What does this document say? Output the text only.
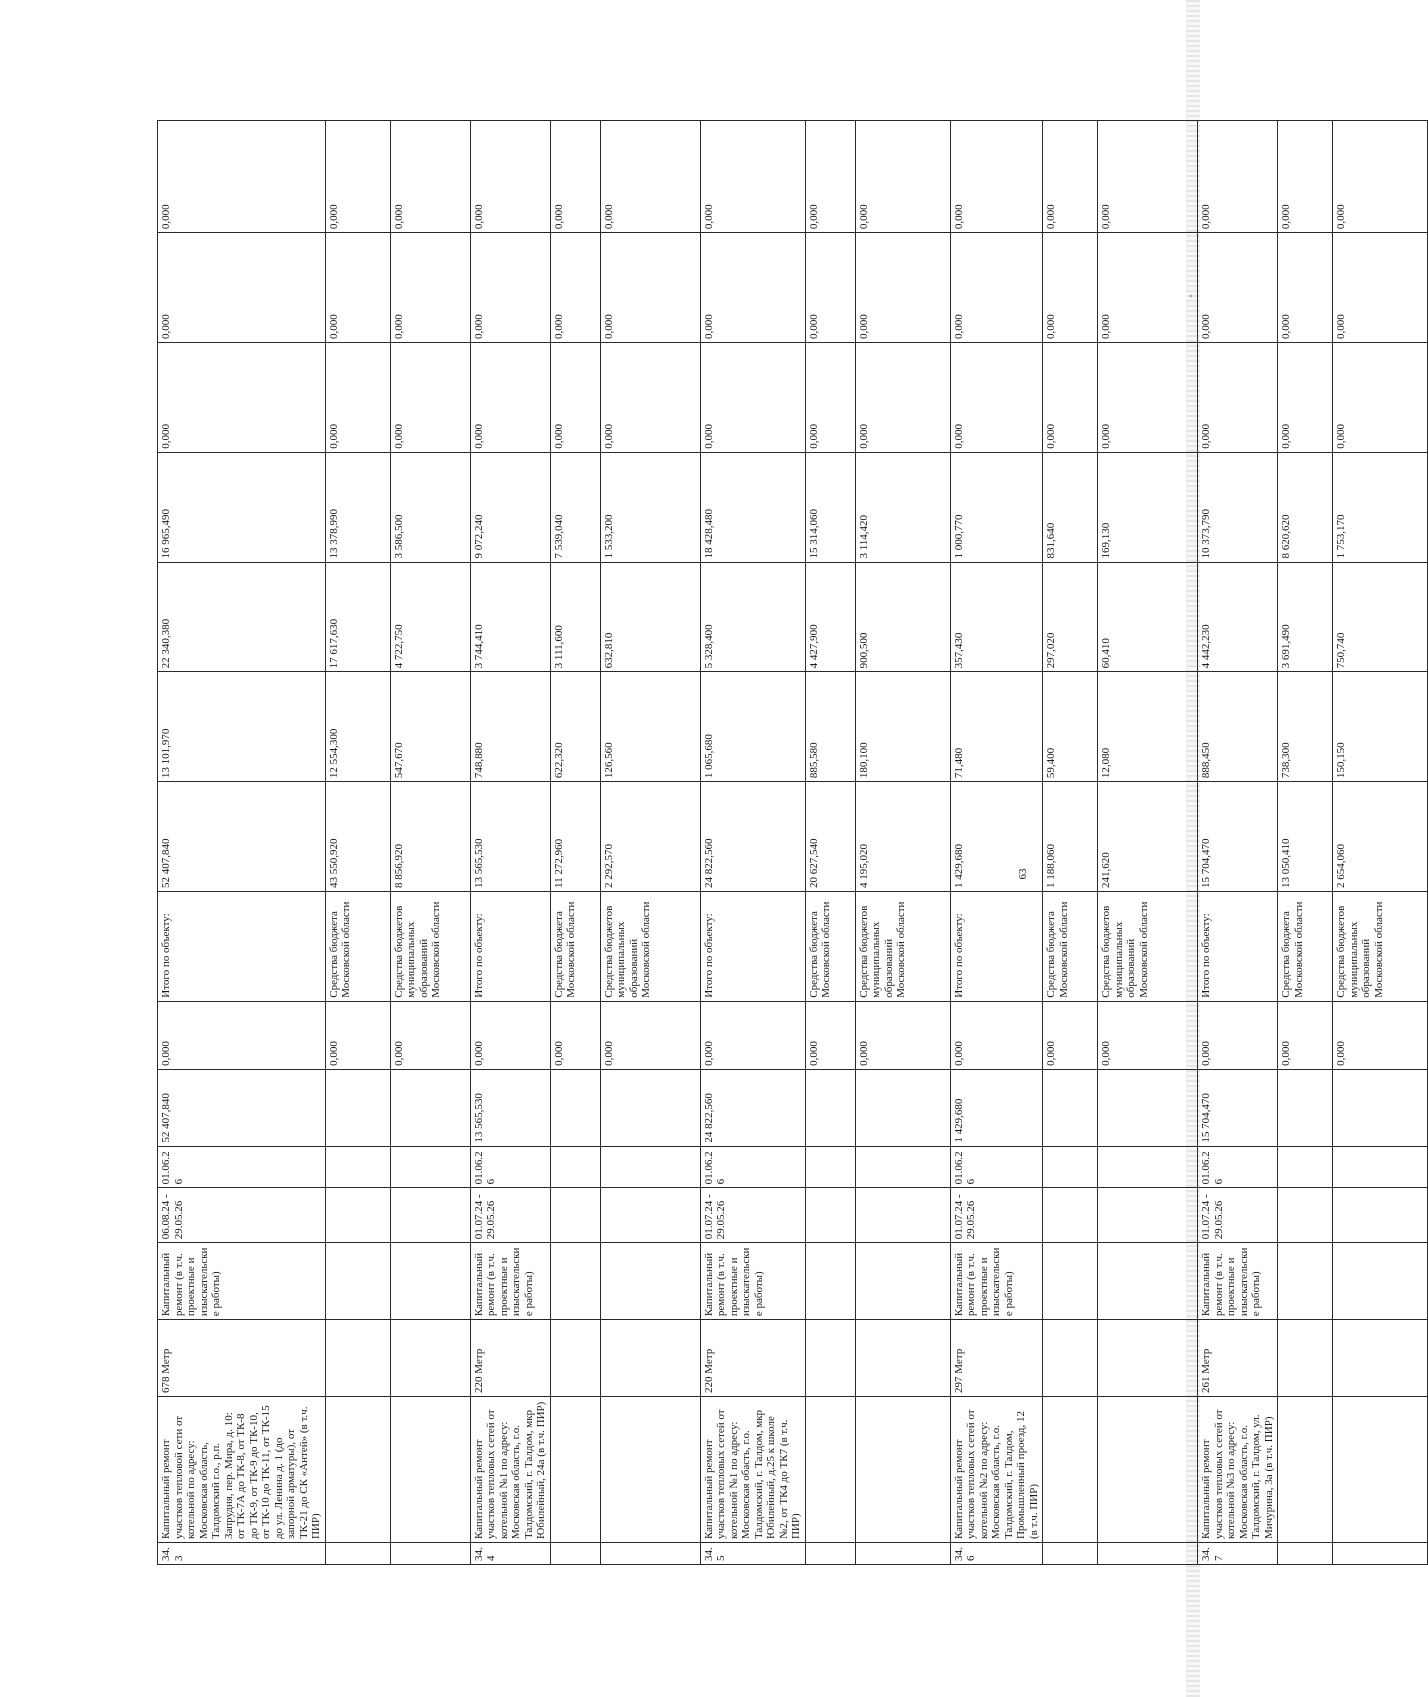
34.3	Капитальный ремонт участков тепловой сети от котельной по адресу: Московская область, Талдомский г.о., р.п. Запрудня, пер. Мира, д. 10: от ТК-7А до ТК-8, от ТК-8 до ТК-9, от ТК-9 до ТК-10, от ТК-10 до ТК-11, от ТК-15 до ул. Ленина д. 1 (до запорной арматуры), от ТК-21 до СК «Антей» (в т.ч. ПИР)	678 Метр	Капитальный ремонт (в т.ч. проектные и изыскательские работы)	06.08.24 - 29.05.26	01.06.26	52 407,840	0,000	Итого по объекту:	52 407,840	13 101,970	22 340,380	16 965,490	0,000	0,000	0,000
							0,000	Средства бюджета Московской области	43 550,920	12 554,300	17 617,630	13 378,990	0,000	0,000	0,000
							0,000	Средства бюджетов муниципальных образований Московской области	8 856,920	547,670	4 722,750	3 586,500	0,000	0,000	0,000
34.4	Капитальный ремонт участков тепловых сетей от котельной №1 по адресу: Московская область, г.о. Талдомский, г. Талдом, мкр Юбилейный, 24а (в т.ч. ПИР)	220 Метр	Капитальный ремонт (в т.ч. проектные и изыскательские работы)	01.07.24 - 29.05.26	01.06.26	13 565,530	0,000	Итого по объекту:	13 565,530	748,880	3 744,410	9 072,240	0,000	0,000	0,000
							0,000	Средства бюджета Московской области	11 272,960	622,320	3 111,600	7 539,040	0,000	0,000	0,000
							0,000	Средства бюджетов муниципальных образований Московской области	2 292,570	126,560	632,810	1 533,200	0,000	0,000	0,000
34.5	Капитальный ремонт участков тепловых сетей от котельной №1 по адресу: Московская обасть, г.о. Талдомский, г. Талдом, мкр Юбилейный, д.25 к школе №2, от ТК4 до ТК7 (в т.ч. ПИР)	220 Метр	Капитальный ремонт (в т.ч. проектные и изыскательские работы)	01.07.24 - 29.05.26	01.06.26	24 822,560	0,000	Итого по объекту:	24 822,560	1 065,680	5 328,400	18 428,480	0,000	0,000	0,000
							0,000	Средства бюджета Московской области	20 627,540	885,580	4 427,900	15 314,060	0,000	0,000	0,000
							0,000	Средства бюджетов муниципальных образований Московской области	4 195,020	180,100	900,500	3 114,420	0,000	0,000	0,000
34.6	Капитальный ремонт участков тепловых сетей от котельной №2 по адресу: Московская область, г.о. Талдомский, г. Талдом, Промышленный проезд, 12 (в т.ч. ПИР)	297 Метр	Капитальный ремонт (в т.ч. проектные и изыскательские работы)	01.07.24 - 29.05.26	01.06.26	1 429,680	0,000	Итого по объекту:	1 429,680	71,480	357,430	1 000,770	0,000	0,000	0,000
							0,000	Средства бюджета Московской области	1 188,060	59,400	297,020	831,640	0,000	0,000	0,000
							0,000	Средства бюджетов муниципальных образований Московской области	241,620	12,080	60,410	169,130	0,000	0,000	0,000
34.7	Капитальный ремонт участков тепловых сетей от котельной №3 по адресу: Московская область, г.о. Талдомский, г. Талдом, ул. Мичурина, 3а (в т.ч. ПИР)	261 Метр	Капитальный ремонт (в т.ч. проектные и изыскательские работы)	01.07.24 - 29.05.26	01.06.26	15 704,470	0,000	Итого по объекту:	15 704,470	888,450	4 442,230	10 373,790	0,000	0,000	0,000
							0,000	Средства бюджета Московской области	13 050,410	738,300	3 691,490	8 620,620	0,000	0,000	0,000
							0,000	Средства бюджетов муниципальных образований Московской области	2 654,060	150,150	750,740	1 753,170	0,000	0,000	0,000
63
